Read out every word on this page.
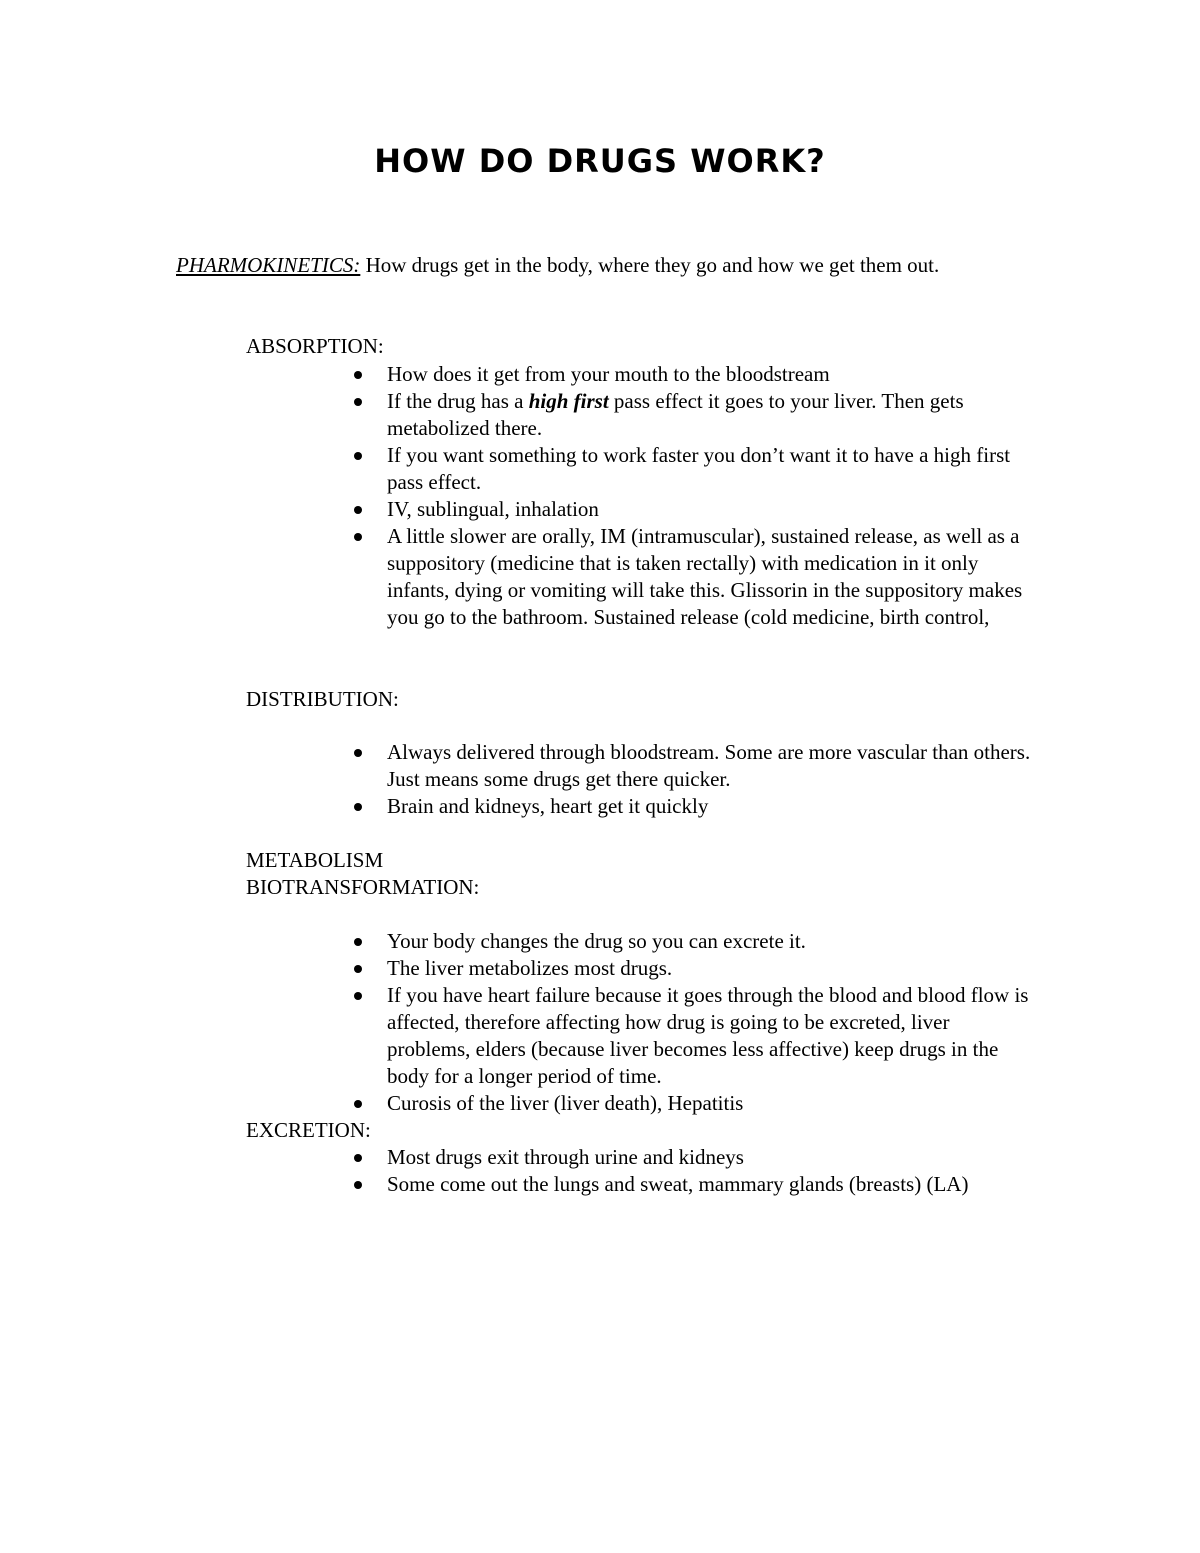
HOW DO DRUGS WORK?

PHARMOKINETICS: How drugs get in the body, where they go and how we get them out.

ABSORPTION:

How does it get from your mouth to the bloodstream
If the drug has a high first pass effect it goes to your liver. Then gets metabolized there.
If you want something to work faster you don’t want it to have a high first pass effect.
IV, sublingual, inhalation
A little slower are orally, IM (intramuscular), sustained release, as well as a suppository (medicine that is taken rectally) with medication in it only infants, dying or vomiting will take this. Glissorin in the suppository makes you go to the bathroom. Sustained release (cold medicine, birth control,

DISTRIBUTION:

Always delivered through bloodstream. Some are more vascular than others. Just means some drugs get there quicker.
Brain and kidneys, heart get it quickly

METABOLISM

BIOTRANSFORMATION:

Your body changes the drug so you can excrete it.
The liver metabolizes most drugs.
If you have heart failure because it goes through the blood and blood flow is affected, therefore affecting how drug is going to be excreted, liver problems, elders (because liver becomes less affective) keep drugs in the body for a longer period of time.
Curosis of the liver (liver death), Hepatitis

EXCRETION:

Most drugs exit through urine and kidneys
Some come out the lungs and sweat, mammary glands (breasts) (LA)
